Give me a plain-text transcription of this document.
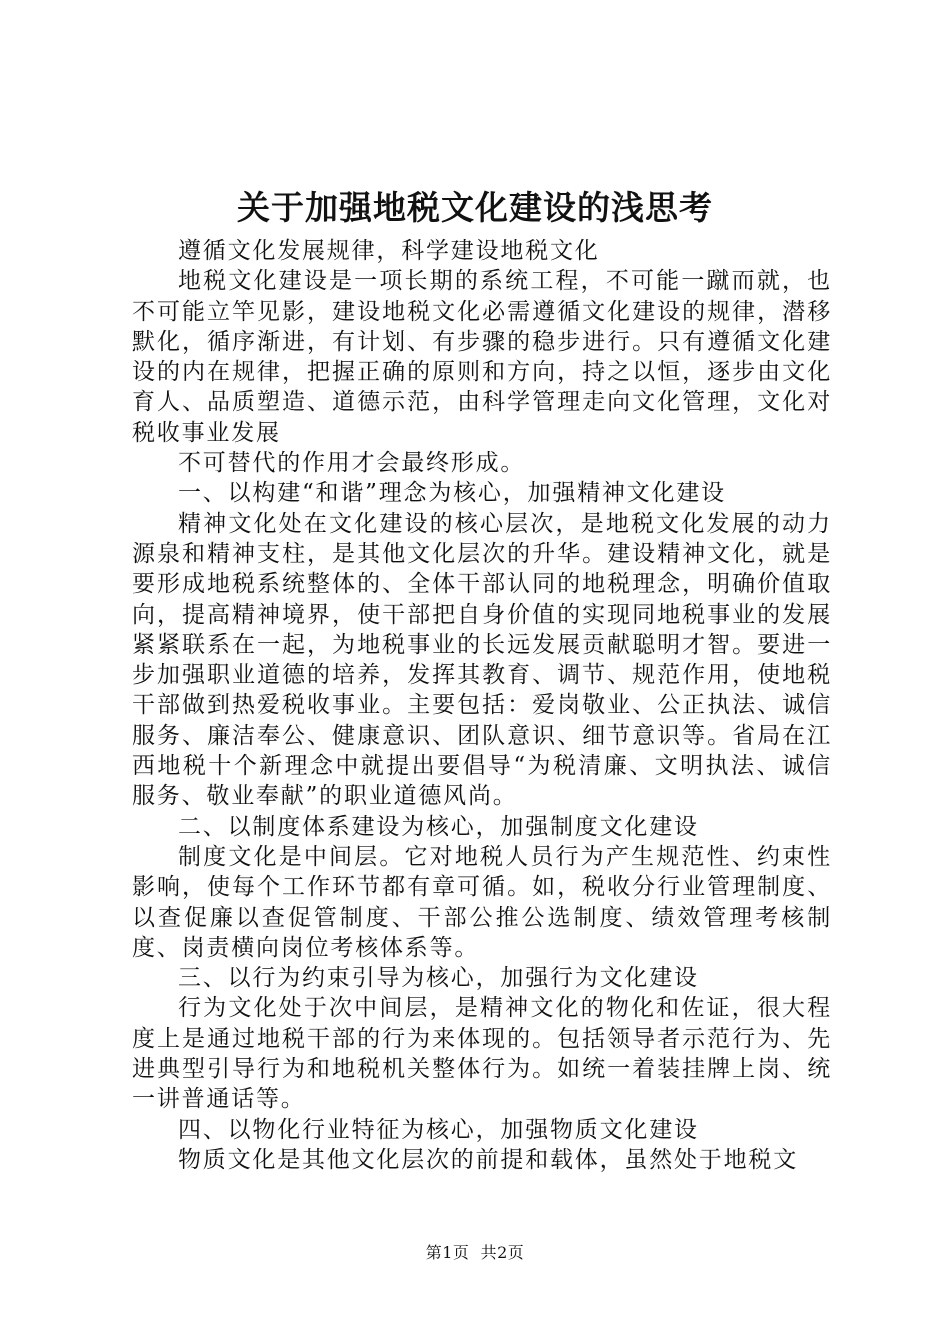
关于加强地税文化建设的浅思考

遵循文化发展规律，科学建设地税文化

地税文化建设是一项长期的系统工程，不可能一蹴而就，也不可能立竿见影，建设地税文化必需遵循文化建设的规律，潜移默化，循序渐进，有计划、有步骤的稳步进行。只有遵循文化建设的内在规律，把握正确的原则和方向，持之以恒，逐步由文化育人、品质塑造、道德示范，由科学管理走向文化管理，文化对税收事业发展

不可替代的作用才会最终形成。

一、以构建“和谐”理念为核心，加强精神文化建设

精神文化处在文化建设的核心层次，是地税文化发展的动力源泉和精神支柱，是其他文化层次的升华。建设精神文化，就是要形成地税系统整体的、全体干部认同的地税理念，明确价值取向，提高精神境界，使干部把自身价值的实现同地税事业的发展紧紧联系在一起，为地税事业的长远发展贡献聪明才智。要进一步加强职业道德的培养，发挥其教育、调节、规范作用，使地税干部做到热爱税收事业。主要包括：爱岗敬业、公正执法、诚信服务、廉洁奉公、健康意识、团队意识、细节意识等。省局在江西地税十个新理念中就提出要倡导“为税清廉、文明执法、诚信服务、敬业奉献”的职业道德风尚。

二、以制度体系建设为核心，加强制度文化建设

制度文化是中间层。它对地税人员行为产生规范性、约束性影响，使每个工作环节都有章可循。如，税收分行业管理制度、以查促廉以查促管制度、干部公推公选制度、绩效管理考核制度、岗责横向岗位考核体系等。

三、以行为约束引导为核心，加强行为文化建设

行为文化处于次中间层，是精神文化的物化和佐证，很大程度上是通过地税干部的行为来体现的。包括领导者示范行为、先进典型引导行为和地税机关整体行为。如统一着装挂牌上岗、统一讲普通话等。

四、以物化行业特征为核心，加强物质文化建设

物质文化是其他文化层次的前提和载体，虽然处于地税文

第1页  共2页
